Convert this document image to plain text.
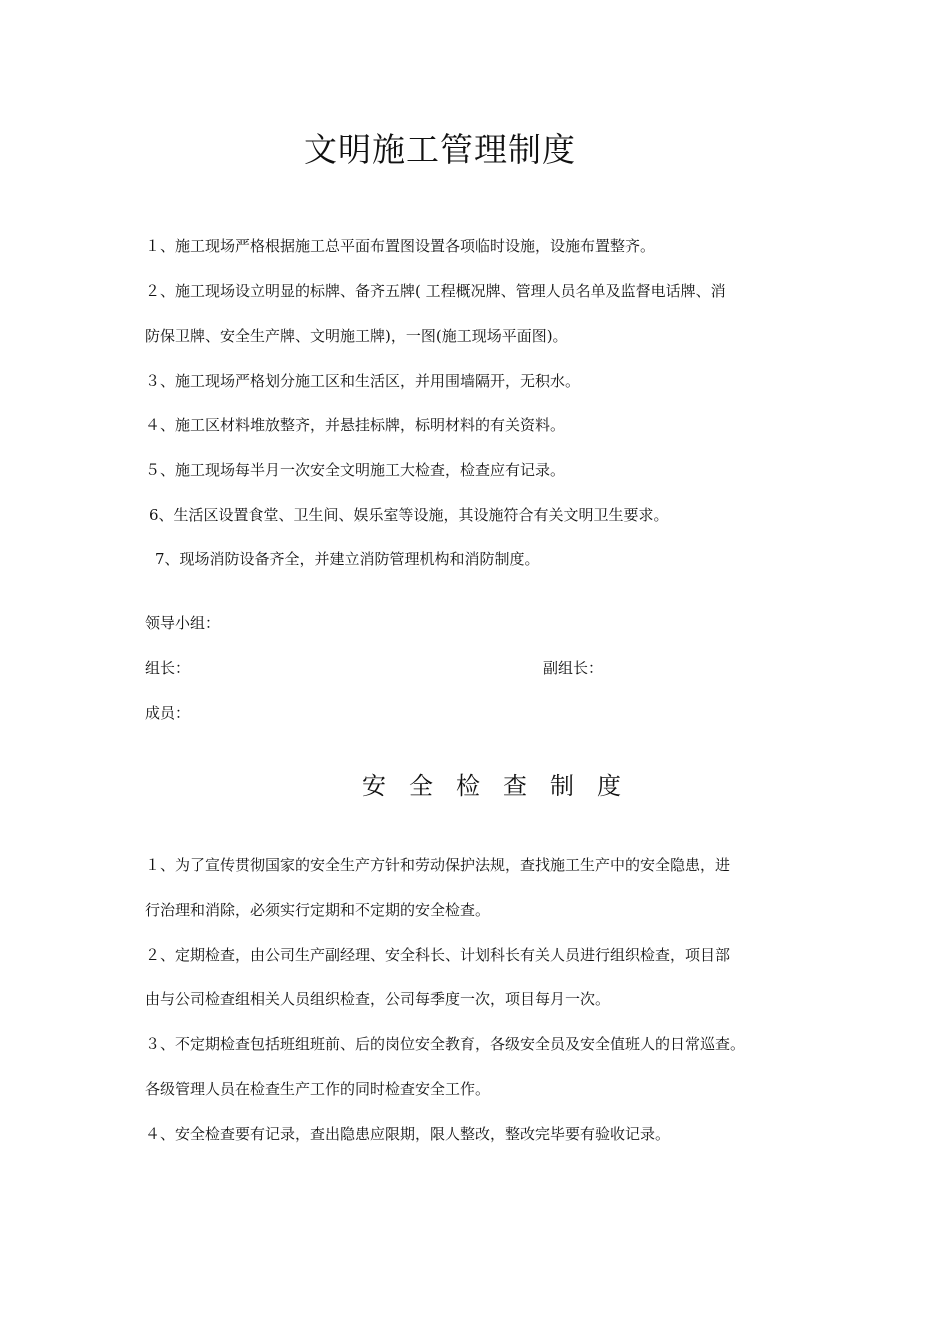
文明施工管理制度
１、施工现场严格根据施工总平面布置图设置各项临时设施，设施布置整齐。
２、施工现场设立明显的标牌、备齐五牌( 工程概况牌、管理人员名单及监督电话牌、消
防保卫牌、安全生产牌、文明施工牌)，一图(施工现场平面图)。
３、施工现场严格划分施工区和生活区，并用围墙隔开，无积水。
４、施工区材料堆放整齐，并悬挂标牌，标明材料的有关资料。
５、施工现场每半月一次安全文明施工大检查，检查应有记录。
6、生活区设置食堂、卫生间、娱乐室等设施，其设施符合有关文明卫生要求。
7、现场消防设备齐全，并建立消防管理机构和消防制度。
领导小组：
组长：	副组长：
成员：
安全检查制度
１、为了宣传贯彻国家的安全生产方针和劳动保护法规，查找施工生产中的安全隐患，进
行治理和消除，必须实行定期和不定期的安全检查。
２、定期检查，由公司生产副经理、安全科长、计划科长有关人员进行组织检查，项目部
由与公司检查组相关人员组织检查，公司每季度一次，项目每月一次。
３、不定期检查包括班组班前、后的岗位安全教育，各级安全员及安全值班人的日常巡查。
各级管理人员在检查生产工作的同时检查安全工作。
４、安全检查要有记录，查出隐患应限期，限人整改，整改完毕要有验收记录。
